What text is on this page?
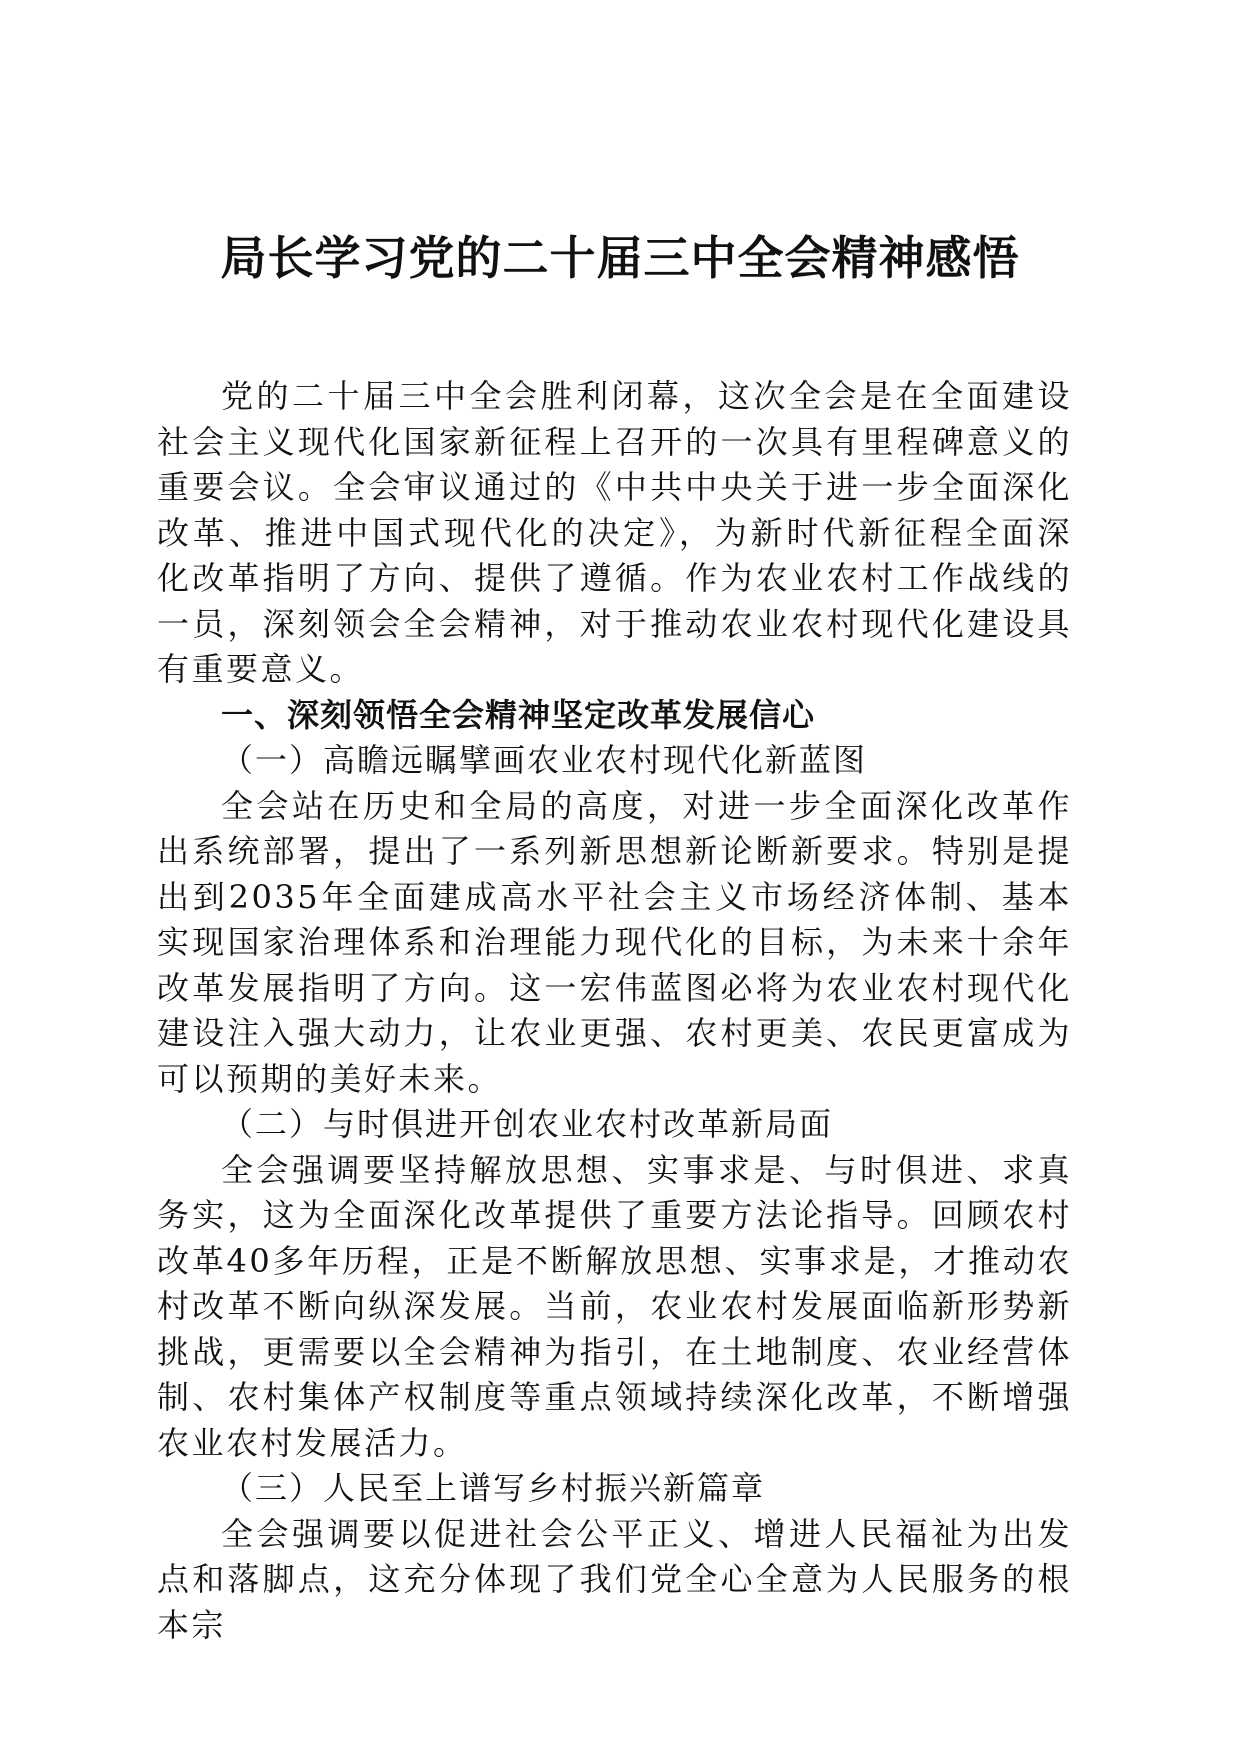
局长学习党的二十届三中全会精神感悟

党的二十届三中全会胜利闭幕，这次全会是在全面建设社会主义现代化国家新征程上召开的一次具有里程碑意义的重要会议。全会审议通过的《中共中央关于进一步全面深化改革、推进中国式现代化的决定》，为新时代新征程全面深化改革指明了方向、提供了遵循。作为农业农村工作战线的一员，深刻领会全会精神，对于推动农业农村现代化建设具有重要意义。

一、深刻领悟全会精神坚定改革发展信心
（一）高瞻远瞩擘画农业农村现代化新蓝图

全会站在历史和全局的高度，对进一步全面深化改革作出系统部署，提出了一系列新思想新论断新要求。特别是提出到2035年全面建成高水平社会主义市场经济体制、基本实现国家治理体系和治理能力现代化的目标，为未来十余年改革发展指明了方向。这一宏伟蓝图必将为农业农村现代化建设注入强大动力，让农业更强、农村更美、农民更富成为可以预期的美好未来。

（二）与时俱进开创农业农村改革新局面

全会强调要坚持解放思想、实事求是、与时俱进、求真务实，这为全面深化改革提供了重要方法论指导。回顾农村改革40多年历程，正是不断解放思想、实事求是，才推动农村改革不断向纵深发展。当前，农业农村发展面临新形势新挑战，更需要以全会精神为指引，在土地制度、农业经营体制、农村集体产权制度等重点领域持续深化改革，不断增强农业农村发展活力。

（三）人民至上谱写乡村振兴新篇章

全会强调要以促进社会公平正义、增进人民福祉为出发点和落脚点，这充分体现了我们党全心全意为人民服务的根本宗
